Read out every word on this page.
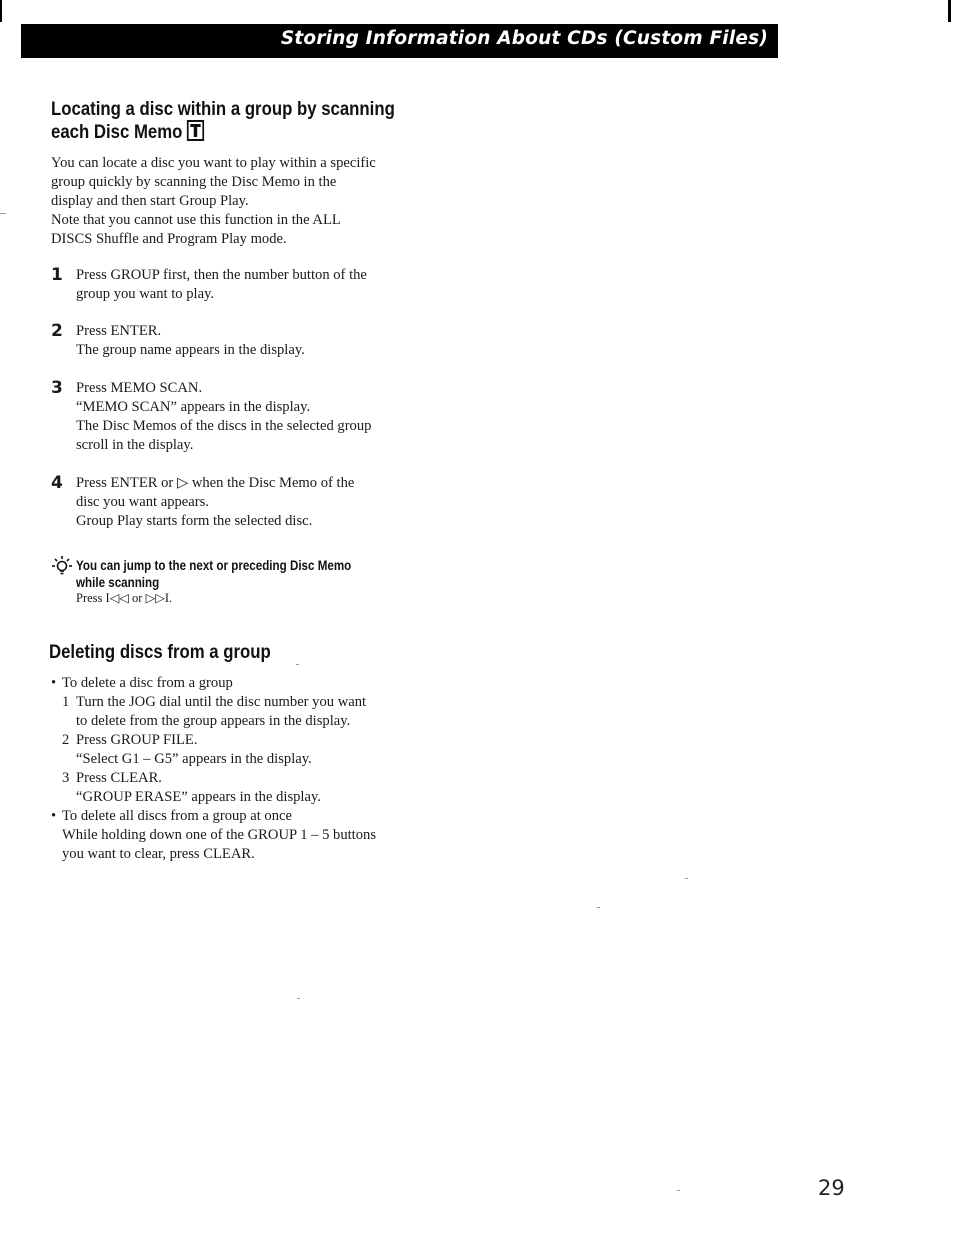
Storing Information About CDs (Custom Files)
Locating a disc within a group by scanning
each Disc Memo
You can locate a disc you want to play within a specific
group quickly by scanning the Disc Memo in the
display and then start Group Play.
Note that you cannot use this function in the ALL
DISCS Shuffle and Program Play mode.
1 Press GROUP first, then the number button of the
group you want to play.
2 Press ENTER.
The group name appears in the display.
3 Press MEMO SCAN.
“MEMO SCAN” appears in the display.
The Disc Memos of the discs in the selected group
scroll in the display.
4 Press ENTER or ▷ when the Disc Memo of the
disc you want appears.
Group Play starts form the selected disc.
You can jump to the next or preceding Disc Memo
while scanning
Press I◁◁ or ▷▷I.
Deleting discs from a group
• To delete a disc from a group
1 Turn the JOG dial until the disc number you want
to delete from the group appears in the display.
2 Press GROUP FILE.
“Select G1 – G5” appears in the display.
3 Press CLEAR.
“GROUP ERASE” appears in the display.
• To delete all discs from a group at once
While holding down one of the GROUP 1 – 5 buttons
you want to clear, press CLEAR.
29
